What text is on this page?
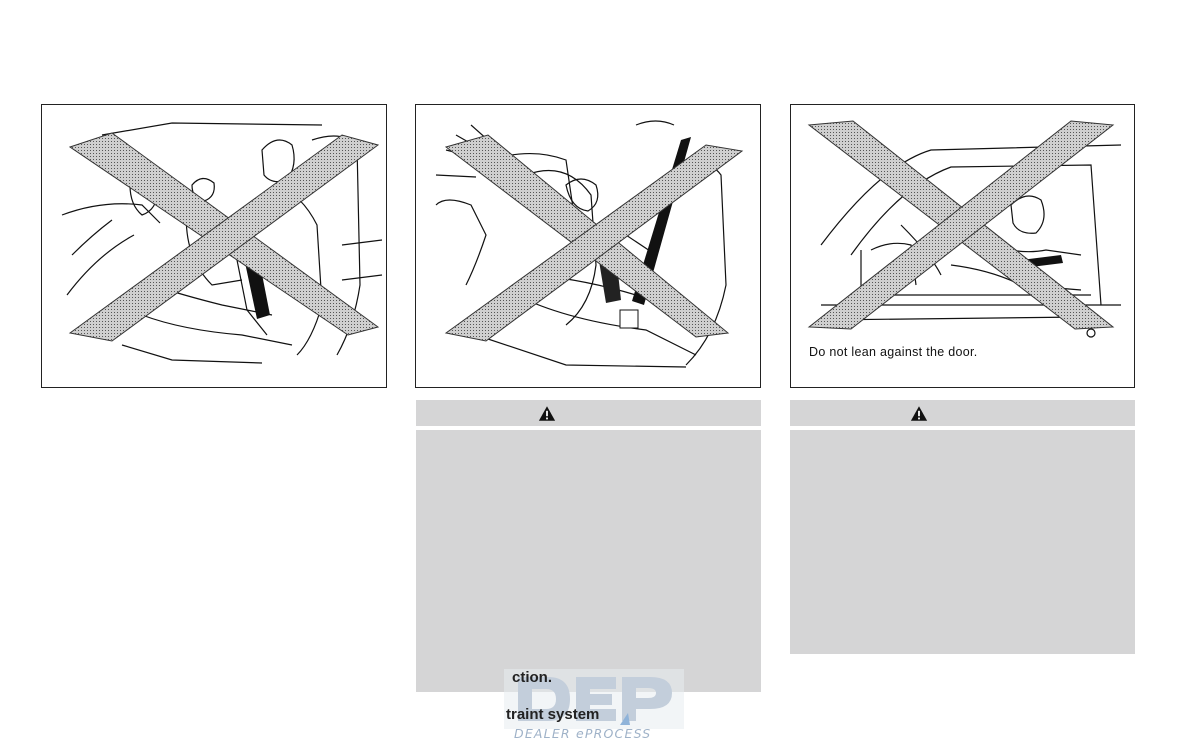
Do not lean against the door.
DEALER ePROCESS
ction.
traint system
